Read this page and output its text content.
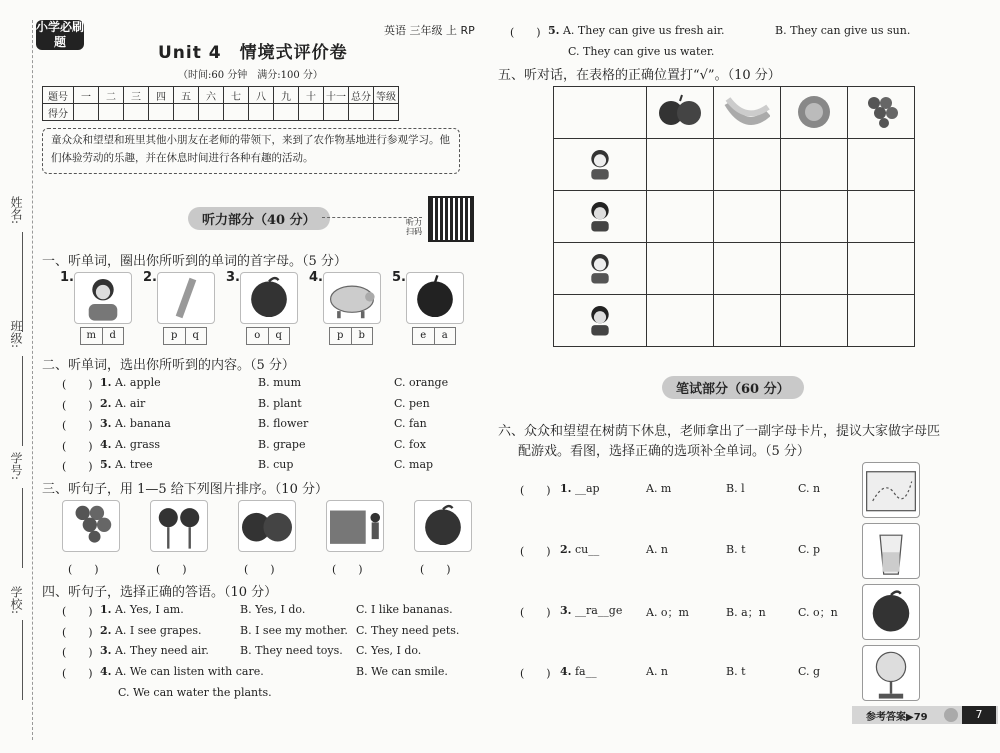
姓名:
班级:
学号:
学校:
小学必刷题
Unit 4　情境式评价卷
英语 三年级 上 RP
（时间:60 分钟　满分:100 分）
题号	一	二	三	四	五	六	七	八	九	十	十一	总分	等级
得分													
童众众和望望和班里其他小朋友在老师的带领下，来到了农作物基地进行参观学习。他们体验劳动的乐趣，并在休息时间进行各种有趣的活动。
听力部分（40 分）	听力扫码
一、听单词，圈出你所听到的单词的首字母。（5 分）
1.
m	d
2.
p	q
3.
o	q
4.
p	b
5.
e	a
二、听单词，选出你所听到的内容。（5 分）
(　　) 1. A. apple	B. mum	C. orange
(　　) 2. A. air	B. plant	C. pen
(　　) 3. A. banana	B. flower	C. fan
(　　) 4. A. grass	B. grape	C. fox
(　　) 5. A. tree	B. cup	C. map
三、听句子，用 1—5 给下列图片排序。（10 分）
(　　)	(　　)	(　　)	(　　)	(　　)
四、听句子，选择正确的答语。（10 分）
(　　) 1. A. Yes, I am.	B. Yes, I do.	C. I like bananas.
(　　) 2. A. I see grapes.	B. I see my mother. C. They need pets.
(　　) 3. A. They need air.	B. They need toys. C. Yes, I do.
(　　) 4. A. We can listen with care.	B. We can smile.
C. We can water the plants.
(　　) 5. A. They can give us fresh air.	B. They can give us sun.
C. They can give us water.
五、听对话，在表格的正确位置打“√”。（10 分）

笔试部分（60 分）
六、众众和望望在树荫下休息，老师拿出了一副字母卡片，提议大家做字母匹
配游戏。看图，选择正确的选项补全单词。（5 分）
(　　) 1. __ap	A. m	B. l	C. n
(　　) 2. cu__	A. n	B. t	C. p
(　　) 3. __ra__ge A. o；m	B. a；n	C. o；n
(　　) 4. fa__	A. n	B. t	C. g
参考答案▶79	7
